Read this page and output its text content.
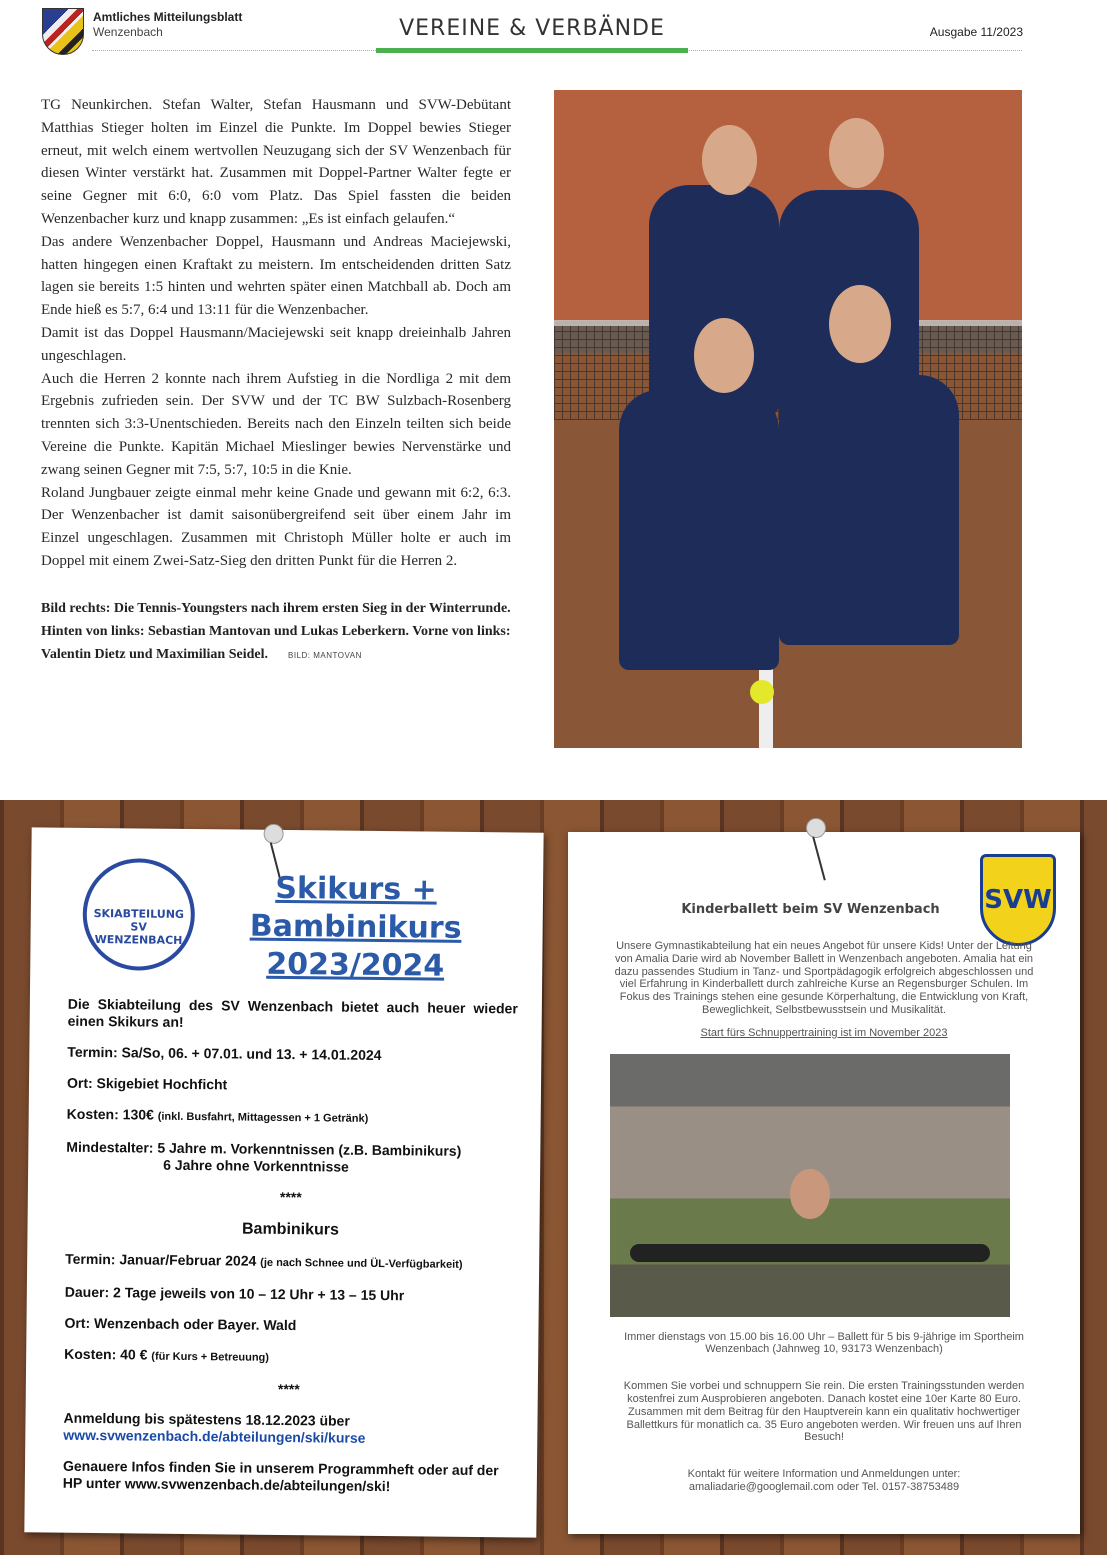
Amtliches Mitteilungsblatt
Wenzenbach	VEREINE & VERBÄNDE	Ausgabe 11/2023

TG Neunkirchen. Stefan Walter, Stefan Hausmann und SVW-Debütant Matthias Stieger holten im Einzel die Punkte. Im Doppel bewies Stieger erneut, mit welch einem wertvollen Neuzugang sich der SV Wenzenbach für diesen Winter verstärkt hat. Zusammen mit Doppel-Partner Walter fegte er seine Gegner mit 6:0, 6:0 vom Platz. Das Spiel fassten die beiden Wenzenbacher kurz und knapp zusammen: „Es ist einfach gelaufen.“

Das andere Wenzenbacher Doppel, Hausmann und Andreas Maciejewski, hatten hingegen einen Kraftakt zu meistern. Im entscheidenden dritten Satz lagen sie bereits 1:5 hinten und wehrten später einen Matchball ab. Doch am Ende hieß es 5:7, 6:4 und 13:11 für die Wenzenbacher.

Damit ist das Doppel Hausmann/Maciejewski seit knapp dreieinhalb Jahren ungeschlagen.

Auch die Herren 2 konnte nach ihrem Aufstieg in die Nordliga 2 mit dem Ergebnis zufrieden sein. Der SVW und der TC BW Sulzbach-Rosenberg trennten sich 3:3-Unentschieden. Bereits nach den Einzeln teilten sich beide Vereine die Punkte. Kapitän Michael Mieslinger bewies Nervenstärke und zwang seinen Gegner mit 7:5, 5:7, 10:5 in die Knie.

Roland Jungbauer zeigte einmal mehr keine Gnade und gewann mit 6:2, 6:3. Der Wenzenbacher ist damit saisonübergreifend seit über einem Jahr im Einzel ungeschlagen. Zusammen mit Christoph Müller holte er auch im Doppel mit einem Zwei-Satz-Sieg den dritten Punkt für die Herren 2.

Bild rechts: Die Tennis-Youngsters nach ihrem ersten Sieg in der Winterrunde. Hinten von links: Sebastian Mantovan und Lukas Leberkern. Vorne von links: Valentin Dietz und Maximilian Seidel.	BILD: MANTOVAN
SKIABTEILUNG SV WENZENBACH
Skikurs +
Bambinikurs
2023/2024
Die Skiabteilung des SV Wenzenbach bietet auch heuer wieder einen Skikurs an!
Termin: Sa/So, 06. + 07.01. und 13. + 14.01.2024
Ort: Skigebiet Hochficht
Kosten: 130€ (inkl. Busfahrt, Mittagessen + 1 Getränk)
Mindestalter: 5 Jahre m. Vorkenntnissen (z.B. Bambinikurs)
6 Jahre ohne Vorkenntnisse
****
Bambinikurs
Termin: Januar/Februar 2024 (je nach Schnee und ÜL-Verfügbarkeit)
Dauer: 2 Tage jeweils von 10 – 12 Uhr + 13 – 15 Uhr
Ort: Wenzenbach oder Bayer. Wald
Kosten: 40 € (für Kurs + Betreuung)
****
Anmeldung bis spätestens 18.12.2023 über
www.svwenzenbach.de/abteilungen/ski/kurse
Genauere Infos finden Sie in unserem Programmheft oder auf der HP unter www.svwenzenbach.de/abteilungen/ski!
SVW
Kinderballett beim SV Wenzenbach
Unsere Gymnastikabteilung hat ein neues Angebot für unsere Kids! Unter der Leitung von Amalia Darie wird ab November Ballett in Wenzenbach angeboten. Amalia hat ein dazu passendes Studium in Tanz- und Sportpädagogik erfolgreich abgeschlossen und viel Erfahrung in Kinderballett durch zahlreiche Kurse an Regensburger Schulen. Im Fokus des Trainings stehen eine gesunde Körperhaltung, die Entwicklung von Kraft, Beweglichkeit, Selbstbewusstsein und Musikalität.
Start fürs Schnuppertraining ist im November 2023
Immer dienstags von 15.00 bis 16.00 Uhr – Ballett für 5 bis 9-jährige im Sportheim Wenzenbach (Jahnweg 10, 93173 Wenzenbach)
Kommen Sie vorbei und schnuppern Sie rein. Die ersten Trainingsstunden werden kostenfrei zum Ausprobieren angeboten. Danach kostet eine 10er Karte 80 Euro. Zusammen mit dem Beitrag für den Hauptverein kann ein qualitativ hochwertiger Ballettkurs für monatlich ca. 35 Euro angeboten werden. Wir freuen uns auf Ihren Besuch!
Kontakt für weitere Information und Anmeldungen unter: amaliadarie@googlemail.com oder Tel. 0157-38753489
